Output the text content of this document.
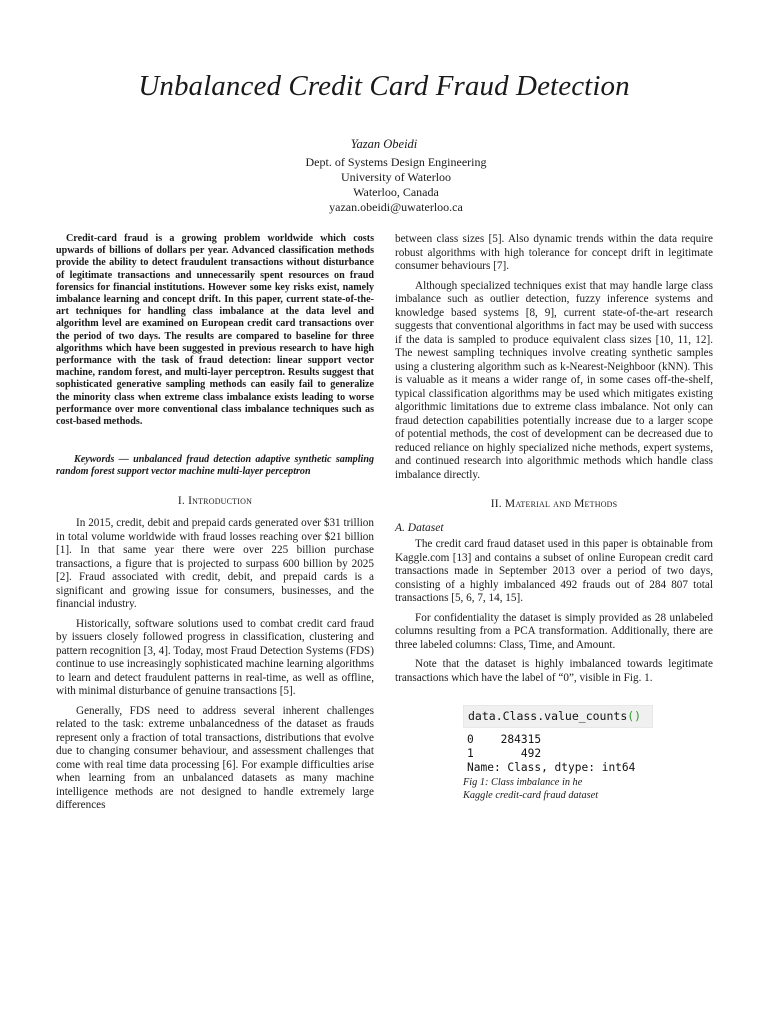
Unbalanced Credit Card Fraud Detection
Yazan Obeidi
Dept. of Systems Design Engineering
University of Waterloo
Waterloo, Canada
yazan.obeidi@uwaterloo.ca

Credit-card fraud is a growing problem worldwide which costs upwards of billions of dollars per year. Advanced classification methods provide the ability to detect fraudulent transactions without disturbance of legitimate transactions and unnecessarily spent resources on fraud forensics for financial institutions. However some key risks exist, namely imbalance learning and concept drift. In this paper, current state-of-the-art techniques for handling class imbalance at the data level and algorithm level are examined on European credit card transactions over the period of two days. The results are compared to baseline for three algorithms which have been suggested in previous research to have high performance with the task of fraud detection: linear support vector machine, random forest, and multi-layer perceptron. Results suggest that sophisticated generative sampling methods can easily fail to generalize the minority class when extreme class imbalance exists leading to worse performance over more conventional class imbalance techniques such as cost-based methods.

Keywords — unbalanced fraud detection adaptive synthetic sampling random forest support vector machine multi-layer perceptron
I. Introduction

In 2015, credit, debit and prepaid cards generated over $31 trillion in total volume worldwide with fraud losses reaching over $21 billion [1]. In that same year there were over 225 billion purchase transactions, a figure that is projected to surpass 600 billion by 2025 [2]. Fraud associated with credit, debit, and prepaid cards is a significant and growing issue for consumers, businesses, and the financial industry.

Historically, software solutions used to combat credit card fraud by issuers closely followed progress in classification, clustering and pattern recognition [3, 4]. Today, most Fraud Detection Systems (FDS) continue to use increasingly sophisticated machine learning algorithms to learn and detect fraudulent patterns in real-time, as well as offline, with minimal disturbance of genuine transactions [5].

Generally, FDS need to address several inherent challenges related to the task: extreme unbalancedness of the dataset as frauds represent only a fraction of total transactions, distributions that evolve due to changing consumer behaviour, and assessment challenges that come with real time data processing [6]. For example difficulties arise when learning from an unbalanced datasets as many machine intelligence methods are not designed to handle extremely large differences

between class sizes [5]. Also dynamic trends within the data require robust algorithms with high tolerance for concept drift in legitimate consumer behaviours [7].

Although specialized techniques exist that may handle large class imbalance such as outlier detection, fuzzy inference systems and knowledge based systems [8, 9], current state-of-the-art research suggests that conventional algorithms in fact may be used with success if the data is sampled to produce equivalent class sizes [10, 11, 12]. The newest sampling techniques involve creating synthetic samples using a clustering algorithm such as k-Nearest-Neighboor (kNN). This is valuable as it means a wider range of, in some cases off-the-shelf, typical classification algorithms may be used which mitigates existing algorithmic limitations due to extreme class imbalance. Not only can fraud detection capabilities potentially increase due to a larger scope of potential methods, the cost of development can be decreased due to reduced reliance on highly specialized niche methods, expert systems, and continued research into algorithmic methods which handle class imbalance directly.

II. Material and Methods
A. Dataset

The credit card fraud dataset used in this paper is obtainable from Kaggle.com [13] and contains a subset of online European credit card transactions made in September 2013 over a period of two days, consisting of a highly imbalanced 492 frauds out of 284 807 total transactions [5, 6, 7, 14, 15].

For confidentiality the dataset is simply provided as 28 unlabeled columns resulting from a PCA transformation. Additionally, there are three labeled columns: Class, Time, and Amount.

Note that the dataset is highly imbalanced towards legitimate transactions which have the label of “0”, visible in Fig. 1.

data.Class.value_counts()
0    284315
1       492
Name: Class, dtype: int64
Fig 1: Class imbalance in he
Kaggle credit-card fraud dataset
